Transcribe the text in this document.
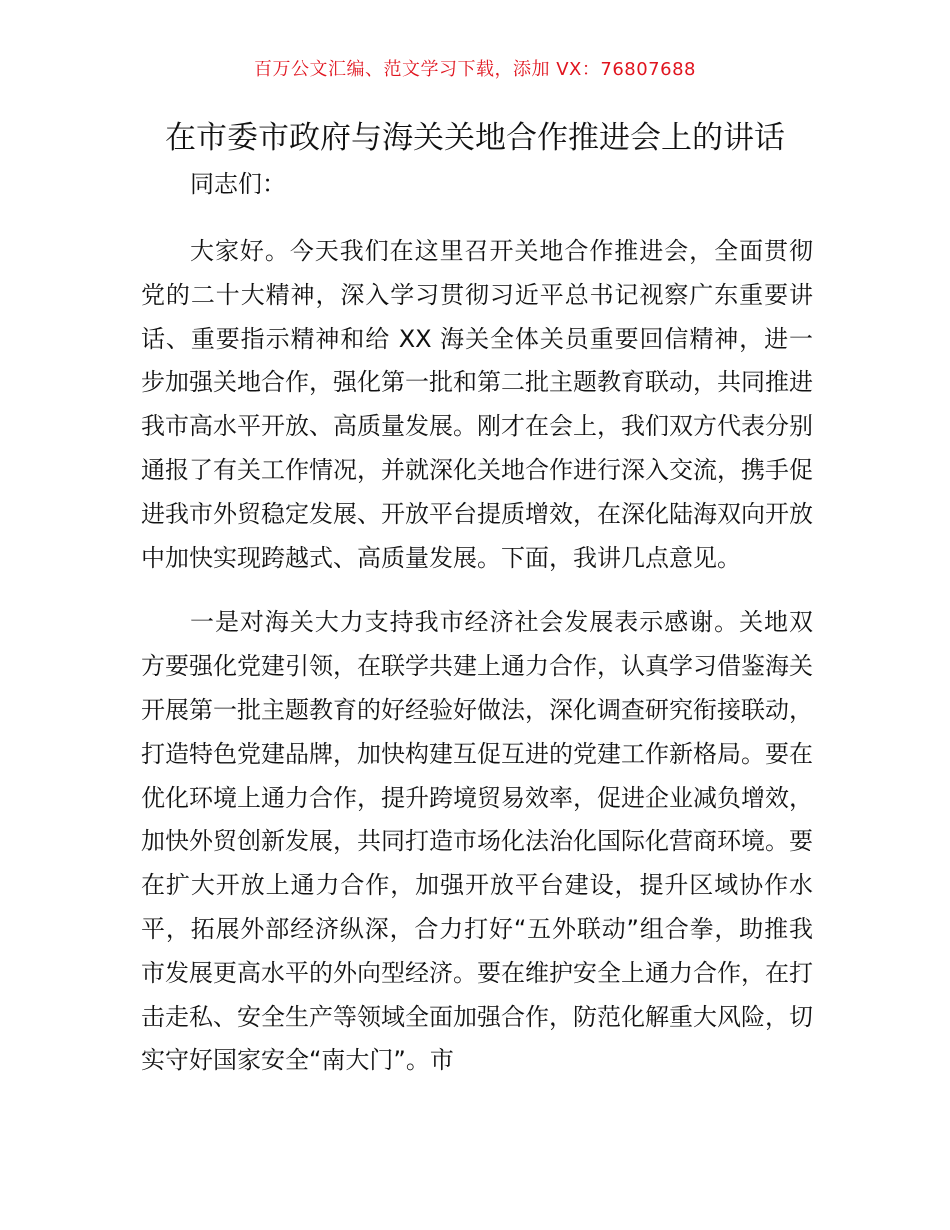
百万公文汇编、范文学习下载，添加 VX：76807688
在市委市政府与海关关地合作推进会上的讲话

同志们：

大家好。今天我们在这里召开关地合作推进会，全面贯彻党的二十大精神，深入学习贯彻习近平总书记视察广东重要讲话、重要指示精神和给 XX 海关全体关员重要回信精神，进一步加强关地合作，强化第一批和第二批主题教育联动，共同推进我市高水平开放、高质量发展。刚才在会上，我们双方代表分别通报了有关工作情况，并就深化关地合作进行深入交流，携手促进我市外贸稳定发展、开放平台提质增效，在深化陆海双向开放中加快实现跨越式、高质量发展。下面，我讲几点意见。

一是对海关大力支持我市经济社会发展表示感谢。关地双方要强化党建引领，在联学共建上通力合作，认真学习借鉴海关开展第一批主题教育的好经验好做法，深化调查研究衔接联动，打造特色党建品牌，加快构建互促互进的党建工作新格局。要在优化环境上通力合作，提升跨境贸易效率，促进企业减负增效，加快外贸创新发展，共同打造市场化法治化国际化营商环境。要在扩大开放上通力合作，加强开放平台建设，提升区域协作水平，拓展外部经济纵深，合力打好“五外联动”组合拳，助推我市发展更高水平的外向型经济。要在维护安全上通力合作，在打击走私、安全生产等领域全面加强合作，防范化解重大风险，切实守好国家安全“南大门”。市
